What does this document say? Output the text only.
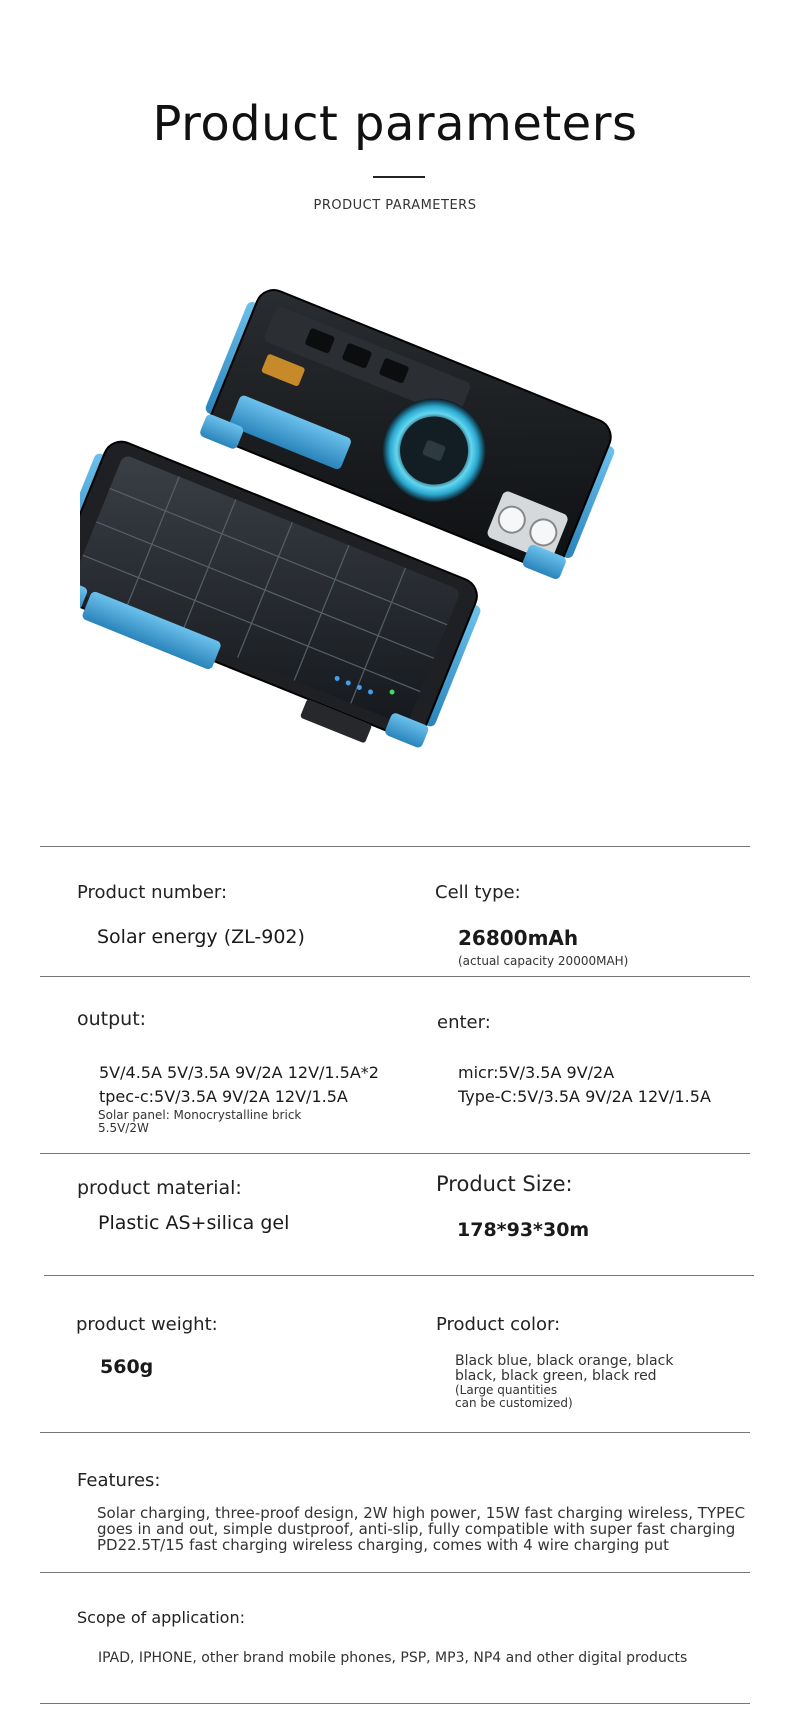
Product parameters
PRODUCT PARAMETERS
Product number:
Solar energy (ZL-902)
Cell type:
26800mAh
(actual capacity 20000MAH)
output:
5V/4.5A 5V/3.5A 9V/2A 12V/1.5A*2
tpec-c:5V/3.5A 9V/2A 12V/1.5A
Solar panel: Monocrystalline brick
5.5V/2W
enter:
micr:5V/3.5A 9V/2A
Type-C:5V/3.5A 9V/2A 12V/1.5A
product material:
Plastic AS+silica gel
Product Size:
178*93*30m
product weight:
560g
Product color:
Black blue, black orange, black
black, black green, black red
(Large quantities
can be customized)
Features:
Solar charging, three-proof design, 2W high power, 15W fast charging wireless, TYPEC
goes in and out, simple dustproof, anti-slip, fully compatible with super fast charging
PD22.5T/15 fast charging wireless charging, comes with 4 wire charging put
Scope of application:
IPAD, IPHONE, other brand mobile phones, PSP, MP3, NP4 and other digital products
